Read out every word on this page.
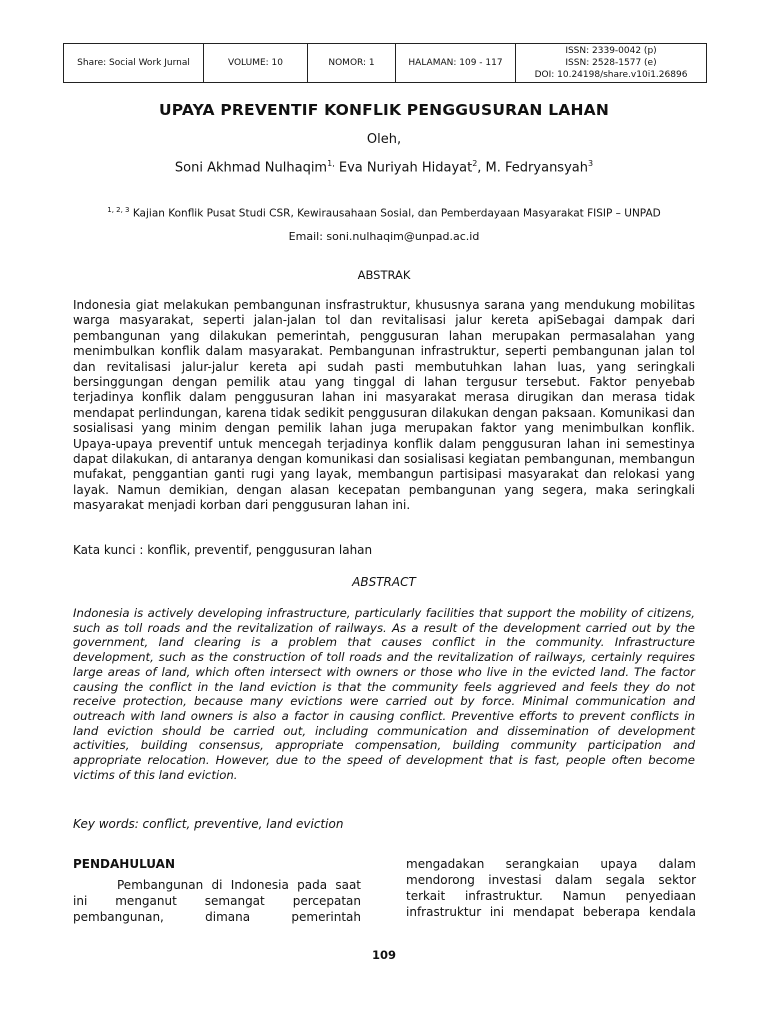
Share: Social Work Jurnal	VOLUME: 10	NOMOR: 1	HALAMAN: 109 - 117	
ISSN: 2339-0042 (p)
ISSN: 2528-1577 (e)
DOI: 10.24198/share.v10i1.26896
UPAYA PREVENTIF KONFLIK PENGGUSURAN LAHAN
Oleh,
Soni Akhmad Nulhaqim$^{1,}$ Eva Nuriyah Hidayat$^2$, M. Fedryansyah$^3$
$^{1, 2, 3}$ Kajian Konflik Pusat Studi CSR, Kewirausahaan Sosial, dan Pemberdayaan Masyarakat FISIP – UNPAD
Email: soni.nulhaqim@unpad.ac.id
ABSTRAK

Indonesia giat melakukan pembangunan insfrastruktur, khususnya sarana yang mendukung mobilitas warga masyarakat, seperti jalan-jalan tol dan revitalisasi jalur kereta apiSebagai dampak dari pembangunan yang dilakukan pemerintah, penggusuran lahan merupakan permasalahan yang menimbulkan konflik dalam masyarakat. Pembangunan infrastruktur, seperti pembangunan jalan tol dan revitalisasi jalur-jalur kereta api sudah pasti membutuhkan lahan luas, yang seringkali bersinggungan dengan pemilik atau yang tinggal di lahan tergusur tersebut. Faktor penyebab terjadinya konflik dalam penggusuran lahan ini masyarakat merasa dirugikan dan merasa tidak mendapat perlindungan, karena tidak sedikit penggusuran dilakukan dengan paksaan. Komunikasi dan sosialisasi yang minim dengan pemilik lahan juga merupakan faktor yang menimbulkan konflik. Upaya-upaya preventif untuk mencegah terjadinya konflik dalam penggusuran lahan ini semestinya dapat dilakukan, di antaranya dengan komunikasi dan sosialisasi kegiatan pembangunan, membangun mufakat, penggantian ganti rugi yang layak, membangun partisipasi masyarakat dan relokasi yang layak. Namun demikian, dengan alasan kecepatan pembangunan yang segera, maka seringkali masyarakat menjadi korban dari penggusuran lahan ini.

Kata kunci : konflik, preventif, penggusuran lahan
ABSTRACT

Indonesia is actively developing infrastructure, particularly facilities that support the mobility of citizens, such as toll roads and the revitalization of railways. As a result of the development carried out by the government, land clearing is a problem that causes conflict in the community. Infrastructure development, such as the construction of toll roads and the revitalization of railways, certainly requires large areas of land, which often intersect with owners or those who live in the evicted land. The factor causing the conflict in the land eviction is that the community feels aggrieved and feels they do not receive protection, because many evictions were carried out by force. Minimal communication and outreach with land owners is also a factor in causing conflict. Preventive efforts to prevent conflicts in land eviction should be carried out, including communication and dissemination of development activities, building consensus, appropriate compensation, building community participation and appropriate relocation. However, due to the speed of development that is fast, people often become victims of this land eviction.

Key words: conflict, preventive, land eviction
PENDAHULUAN

Pembangunan di Indonesia pada saat ini menganut semangat percepatan pembangunan, dimana pemerintah

mengadakan serangkaian upaya dalam mendorong investasi dalam segala sektor terkait infrastruktur. Namun penyediaan infrastruktur ini mendapat beberapa kendala

109
